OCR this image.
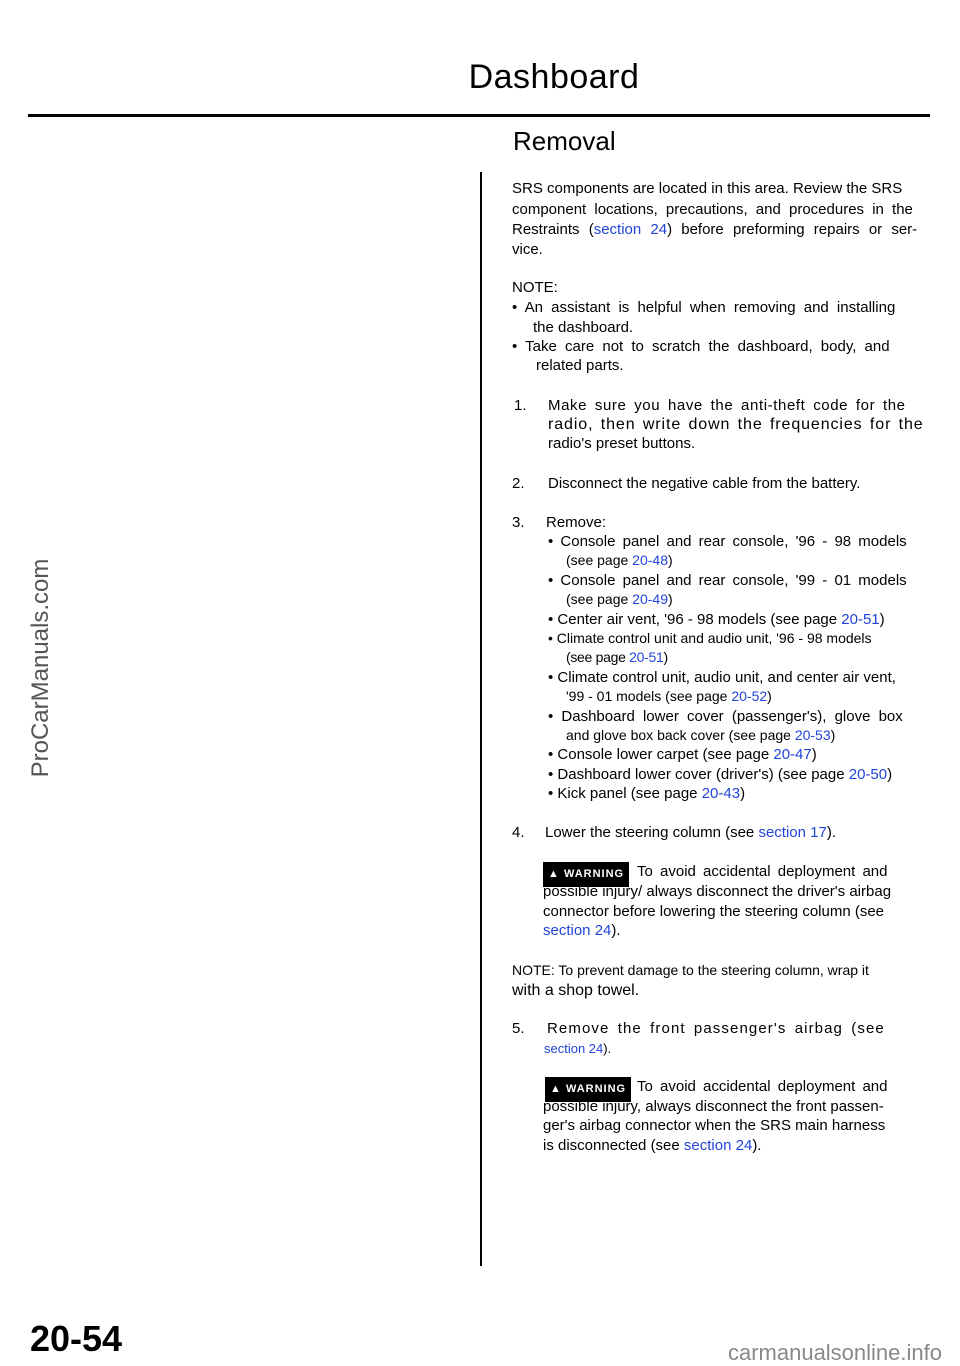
Dashboard
Removal
ProCarManuals.com
SRS components are located in this area. Review the SRS
component locations, precautions, and procedures in the
Restraints (section 24) before preforming repairs or ser-
vice.
NOTE:
• An assistant is helpful when removing and installing
the dashboard.
• Take care not to scratch the dashboard, body, and
related parts.
1. Make sure you have the anti-theft code for the
radio, then write down the frequencies for the
radio's preset buttons.
2. Disconnect the negative cable from the battery.
3. Remove:
• Console panel and rear console, '96 - 98 models
(see page 20-48)
• Console panel and rear console, '99 - 01 models
(see page 20-49)
• Center air vent, '96 - 98 models (see page 20-51)
• Climate control unit and audio unit, '96 - 98 models
(see page 20-51)
• Climate control unit, audio unit, and center air vent,
'99 - 01 models (see page 20-52)
• Dashboard lower cover (passenger's), glove box
and glove box back cover (see page 20-53)
• Console lower carpet (see page 20-47)
• Dashboard lower cover (driver's) (see page 20-50)
• Kick panel (see page 20-43)
4. Lower the steering column (see section 17).
▲ WARNING To avoid accidental deployment and
possible injury/ always disconnect the driver's airbag
connector before lowering the steering column (see
section 24).
NOTE: To prevent damage to the steering column, wrap it
with a shop towel.
5. Remove the front passenger's airbag (see
section 24).
▲ WARNING To avoid accidental deployment and
possible injury, always disconnect the front passen-
ger's airbag connector when the SRS main harness
is disconnected (see section 24).
20-54	carmanualsonline.info
